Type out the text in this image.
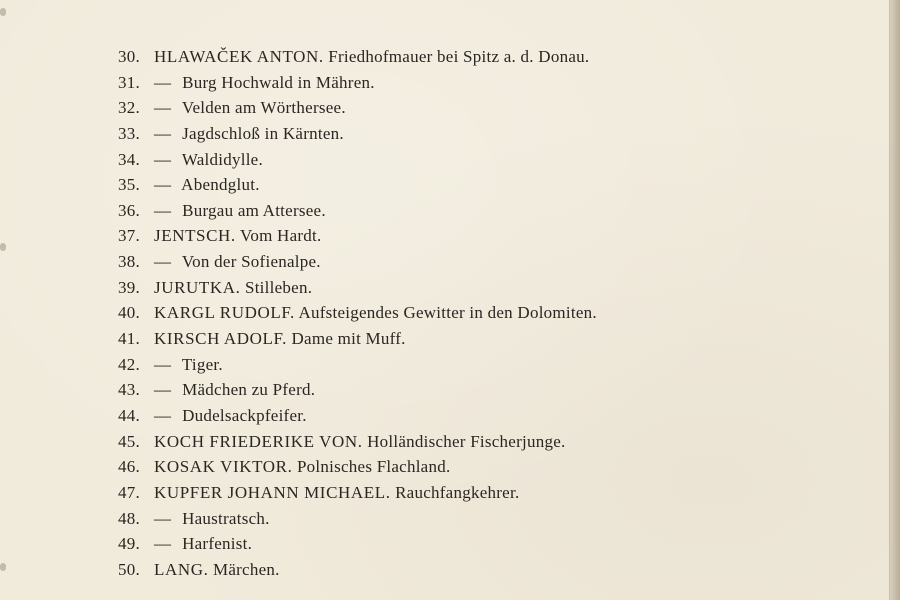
30. HLAWAČEK ANTON. Friedhofmauer bei Spitz a. d. Donau.
31. — Burg Hochwald in Mähren.
32. — Velden am Wörthersee.
33. — Jagdschloß in Kärnten.
34. — Waldidylle.
35. — Abendglut.
36. — Burgau am Attersee.
37. JENTSCH. Vom Hardt.
38. — Von der Sofienalpe.
39. JURUTKA. Stilleben.
40. KARGL RUDOLF. Aufsteigendes Gewitter in den Dolomiten.
41. KIRSCH ADOLF. Dame mit Muff.
42. — Tiger.
43. — Mädchen zu Pferd.
44. — Dudelsackpfeifer.
45. KOCH FRIEDERIKE VON. Holländischer Fischerjunge.
46. KOSAK VIKTOR. Polnisches Flachland.
47. KUPFER JOHANN MICHAEL. Rauchfangkehrer.
48. — Haustratsch.
49. — Harfenist.
50. LANG. Märchen.
